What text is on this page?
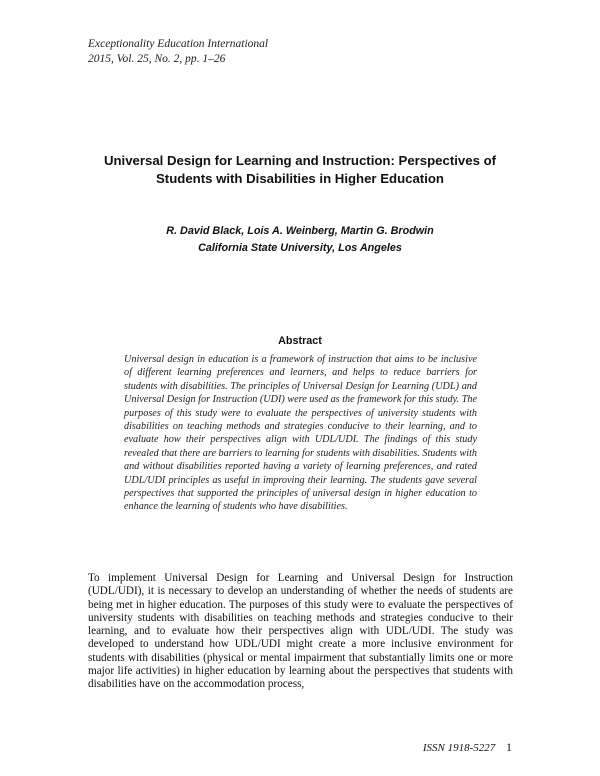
Exceptionality Education International
2015, Vol. 25, No. 2, pp. 1–26
Universal Design for Learning and Instruction: Perspectives of
Students with Disabilities in Higher Education
R. David Black, Lois A. Weinberg, Martin G. Brodwin
California State University, Los Angeles
Abstract
Universal design in education is a framework of instruction that aims to be inclusive of different learning preferences and learners, and helps to reduce barriers for students with disabilities. The principles of Universal Design for Learning (UDL) and Universal Design for Instruction (UDI) were used as the framework for this study. The purposes of this study were to evaluate the perspectives of university students with disabilities on teaching methods and strategies conducive to their learning, and to evaluate how their perspectives align with UDL/UDI. The findings of this study revealed that there are barriers to learning for students with disabilities. Students with and without disabilities reported having a variety of learning preferences, and rated UDL/UDI principles as useful in improving their learning. The students gave several perspectives that supported the principles of universal design in higher education to enhance the learning of students who have disabilities.
To implement Universal Design for Learning and Universal Design for Instruction (UDL/UDI), it is necessary to develop an understanding of whether the needs of students are being met in higher education. The purposes of this study were to evaluate the perspectives of university students with disabilities on teaching methods and strategies conducive to their learning, and to evaluate how their perspectives align with UDL/UDI. The study was developed to understand how UDL/UDI might create a more inclusive environment for students with disabilities (physical or mental impairment that substantially limits one or more major life activities) in higher education by learning about the perspectives that students with disabilities have on the accommodation process,
ISSN 1918-5227 1
